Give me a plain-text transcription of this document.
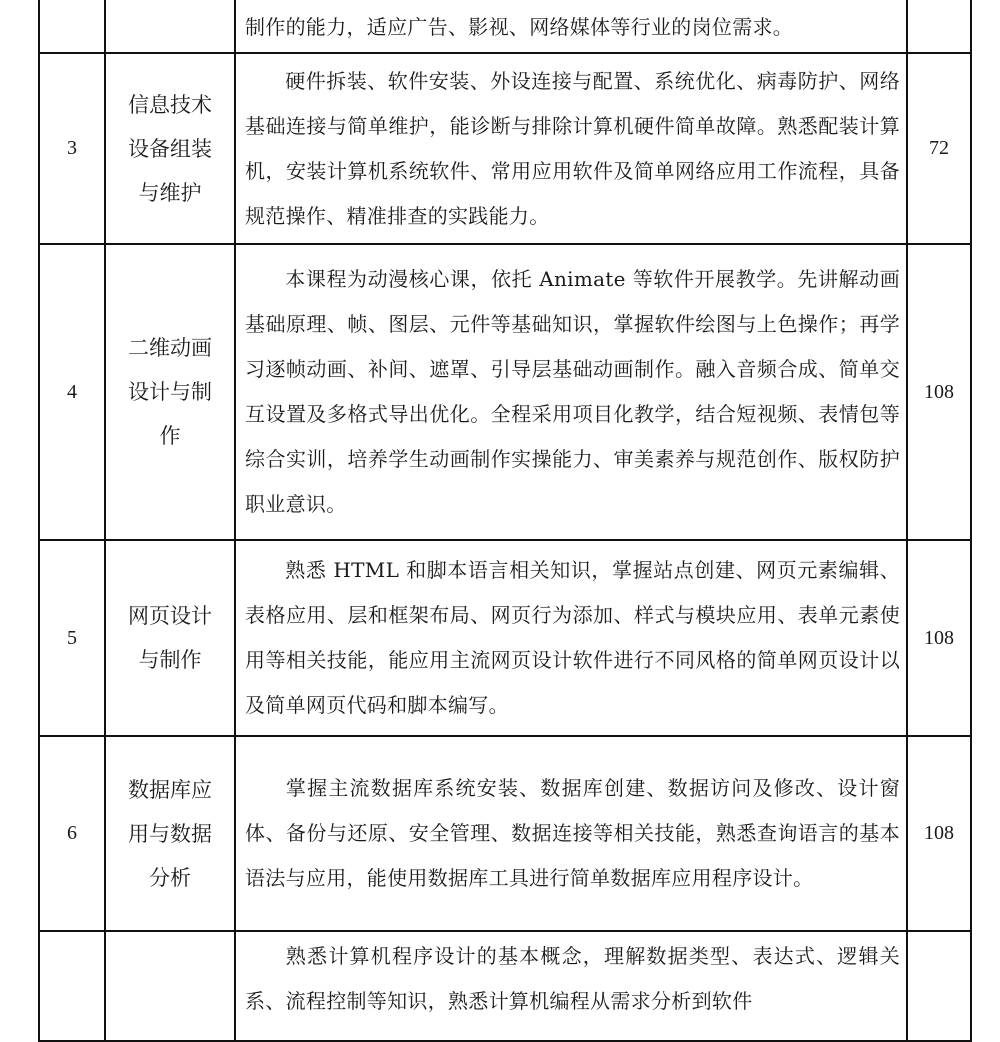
		制作的能力，适应广告、影视、网络媒体等行业的岗位需求。	
3	信息技术
设备组装
与维护	硬件拆装、软件安装、外设连接与配置、系统优化、病毒防护、网络基础连接与简单维护，能诊断与排除计算机硬件简单故障。熟悉配装计算机，安装计算机系统软件、常用应用软件及简单网络应用工作流程，具备规范操作、精准排查的实践能力。	72
4	二维动画
设计与制
作	本课程为动漫核心课，依托 Animate 等软件开展教学。先讲解动画基础原理、帧、图层、元件等基础知识，掌握软件绘图与上色操作；再学习逐帧动画、补间、遮罩、引导层基础动画制作。融入音频合成、简单交互设置及多格式导出优化。全程采用项目化教学，结合短视频、表情包等综合实训，培养学生动画制作实操能力、审美素养与规范创作、版权防护职业意识。	108
5	网页设计
与制作	熟悉 HTML 和脚本语言相关知识，掌握站点创建、网页元素编辑、表格应用、层和框架布局、网页行为添加、样式与模块应用、表单元素使用等相关技能，能应用主流网页设计软件进行不同风格的简单网页设计以及简单网页代码和脚本编写。	108
6	数据库应
用与数据
分析	掌握主流数据库系统安装、数据库创建、数据访问及修改、设计窗体、备份与还原、安全管理、数据连接等相关技能，熟悉查询语言的基本语法与应用，能使用数据库工具进行简单数据库应用程序设计。	108
		熟悉计算机程序设计的基本概念，理解数据类型、表达式、逻辑关系、流程控制等知识，熟悉计算机编程从需求分析到软件	
